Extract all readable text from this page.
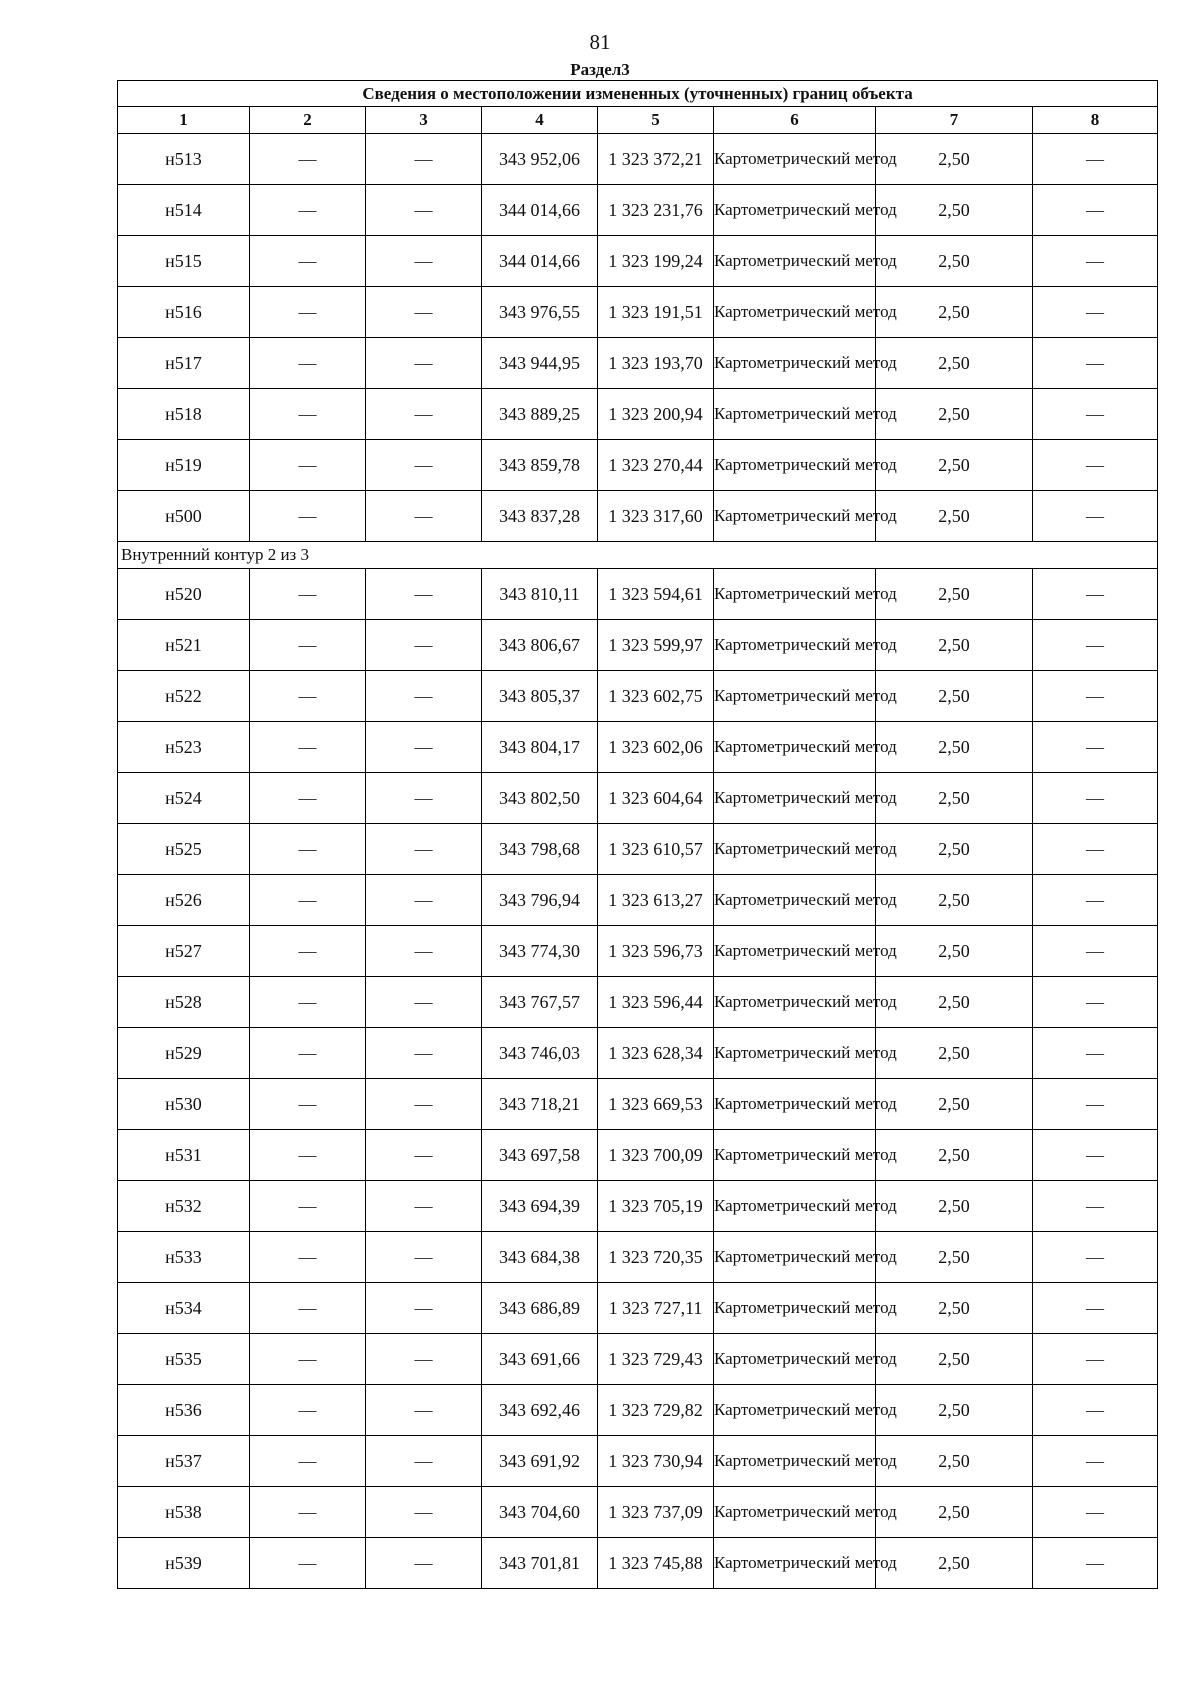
81
Раздел3
Сведения о местоположении измененных (уточненных) границ объекта							
1	2	3	4	5	6	7	8
н513	—	—	343 952,06	1 323 372,21	Картометрический метод	2,50	—
н514	—	—	344 014,66	1 323 231,76	Картометрический метод	2,50	—
н515	—	—	344 014,66	1 323 199,24	Картометрический метод	2,50	—
н516	—	—	343 976,55	1 323 191,51	Картометрический метод	2,50	—
н517	—	—	343 944,95	1 323 193,70	Картометрический метод	2,50	—
н518	—	—	343 889,25	1 323 200,94	Картометрический метод	2,50	—
н519	—	—	343 859,78	1 323 270,44	Картометрический метод	2,50	—
н500	—	—	343 837,28	1 323 317,60	Картометрический метод	2,50	—
Внутренний контур 2 из 3							
н520	—	—	343 810,11	1 323 594,61	Картометрический метод	2,50	—
н521	—	—	343 806,67	1 323 599,97	Картометрический метод	2,50	—
н522	—	—	343 805,37	1 323 602,75	Картометрический метод	2,50	—
н523	—	—	343 804,17	1 323 602,06	Картометрический метод	2,50	—
н524	—	—	343 802,50	1 323 604,64	Картометрический метод	2,50	—
н525	—	—	343 798,68	1 323 610,57	Картометрический метод	2,50	—
н526	—	—	343 796,94	1 323 613,27	Картометрический метод	2,50	—
н527	—	—	343 774,30	1 323 596,73	Картометрический метод	2,50	—
н528	—	—	343 767,57	1 323 596,44	Картометрический метод	2,50	—
н529	—	—	343 746,03	1 323 628,34	Картометрический метод	2,50	—
н530	—	—	343 718,21	1 323 669,53	Картометрический метод	2,50	—
н531	—	—	343 697,58	1 323 700,09	Картометрический метод	2,50	—
н532	—	—	343 694,39	1 323 705,19	Картометрический метод	2,50	—
н533	—	—	343 684,38	1 323 720,35	Картометрический метод	2,50	—
н534	—	—	343 686,89	1 323 727,11	Картометрический метод	2,50	—
н535	—	—	343 691,66	1 323 729,43	Картометрический метод	2,50	—
н536	—	—	343 692,46	1 323 729,82	Картометрический метод	2,50	—
н537	—	—	343 691,92	1 323 730,94	Картометрический метод	2,50	—
н538	—	—	343 704,60	1 323 737,09	Картометрический метод	2,50	—
н539	—	—	343 701,81	1 323 745,88	Картометрический метод	2,50	—
